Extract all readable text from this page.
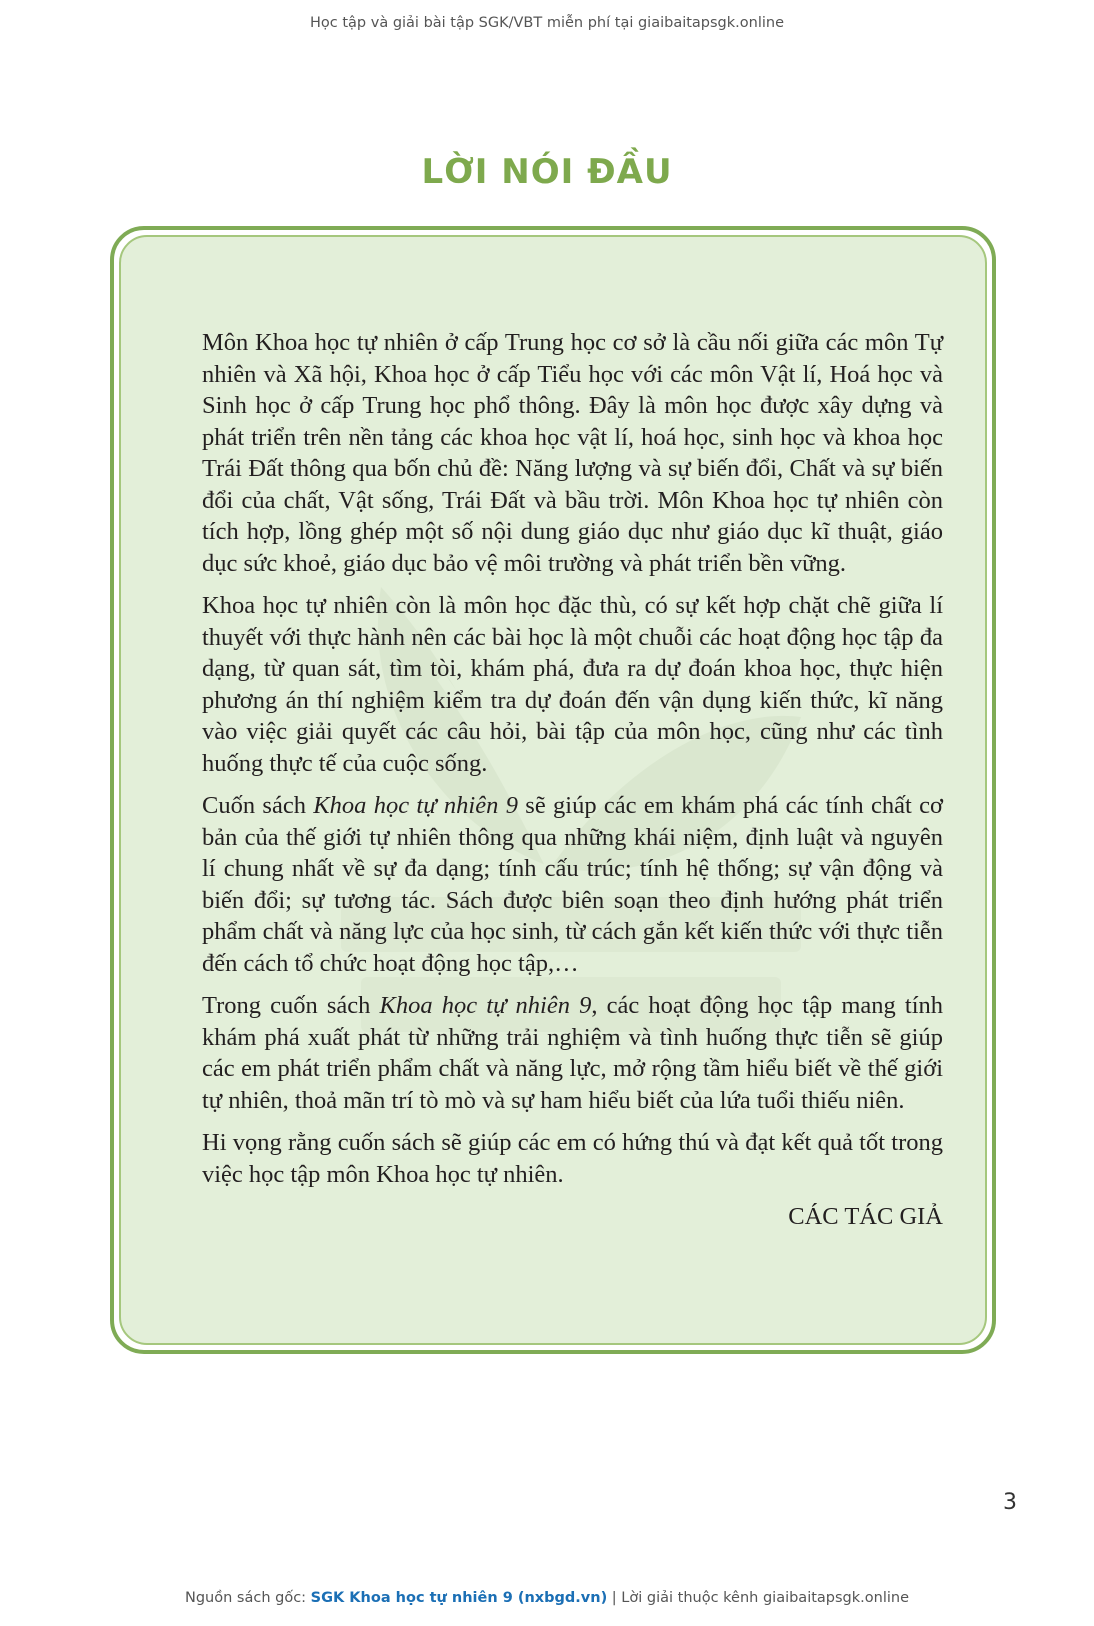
Học tập và giải bài tập SGK/VBT miễn phí tại giaibaitapsgk.online
LỜI NÓI ĐẦU

Môn Khoa học tự nhiên ở cấp Trung học cơ sở là cầu nối giữa các môn Tự nhiên và Xã hội, Khoa học ở cấp Tiểu học với các môn Vật lí, Hoá học và Sinh học ở cấp Trung học phổ thông. Đây là môn học được xây dựng và phát triển trên nền tảng các khoa học vật lí, hoá học, sinh học và khoa học Trái Đất thông qua bốn chủ đề: Năng lượng và sự biến đổi, Chất và sự biến đổi của chất, Vật sống, Trái Đất và bầu trời. Môn Khoa học tự nhiên còn tích hợp, lồng ghép một số nội dung giáo dục như giáo dục kĩ thuật, giáo dục sức khoẻ, giáo dục bảo vệ môi trường và phát triển bền vững.

Khoa học tự nhiên còn là môn học đặc thù, có sự kết hợp chặt chẽ giữa lí thuyết với thực hành nên các bài học là một chuỗi các hoạt động học tập đa dạng, từ quan sát, tìm tòi, khám phá, đưa ra dự đoán khoa học, thực hiện phương án thí nghiệm kiểm tra dự đoán đến vận dụng kiến thức, kĩ năng vào việc giải quyết các câu hỏi, bài tập của môn học, cũng như các tình huống thực tế của cuộc sống.

Cuốn sách Khoa học tự nhiên 9 sẽ giúp các em khám phá các tính chất cơ bản của thế giới tự nhiên thông qua những khái niệm, định luật và nguyên lí chung nhất về sự đa dạng; tính cấu trúc; tính hệ thống; sự vận động và biến đổi; sự tương tác. Sách được biên soạn theo định hướng phát triển phẩm chất và năng lực của học sinh, từ cách gắn kết kiến thức với thực tiễn đến cách tổ chức hoạt động học tập,…

Trong cuốn sách Khoa học tự nhiên 9, các hoạt động học tập mang tính khám phá xuất phát từ những trải nghiệm và tình huống thực tiễn sẽ giúp các em phát triển phẩm chất và năng lực, mở rộng tầm hiểu biết về thế giới tự nhiên, thoả mãn trí tò mò và sự ham hiểu biết của lứa tuổi thiếu niên.

Hi vọng rằng cuốn sách sẽ giúp các em có hứng thú và đạt kết quả tốt trong việc học tập môn Khoa học tự nhiên.

CÁC TÁC GIẢ
3
Nguồn sách gốc: SGK Khoa học tự nhiên 9 (nxbgd.vn) | Lời giải thuộc kênh giaibaitapsgk.online
